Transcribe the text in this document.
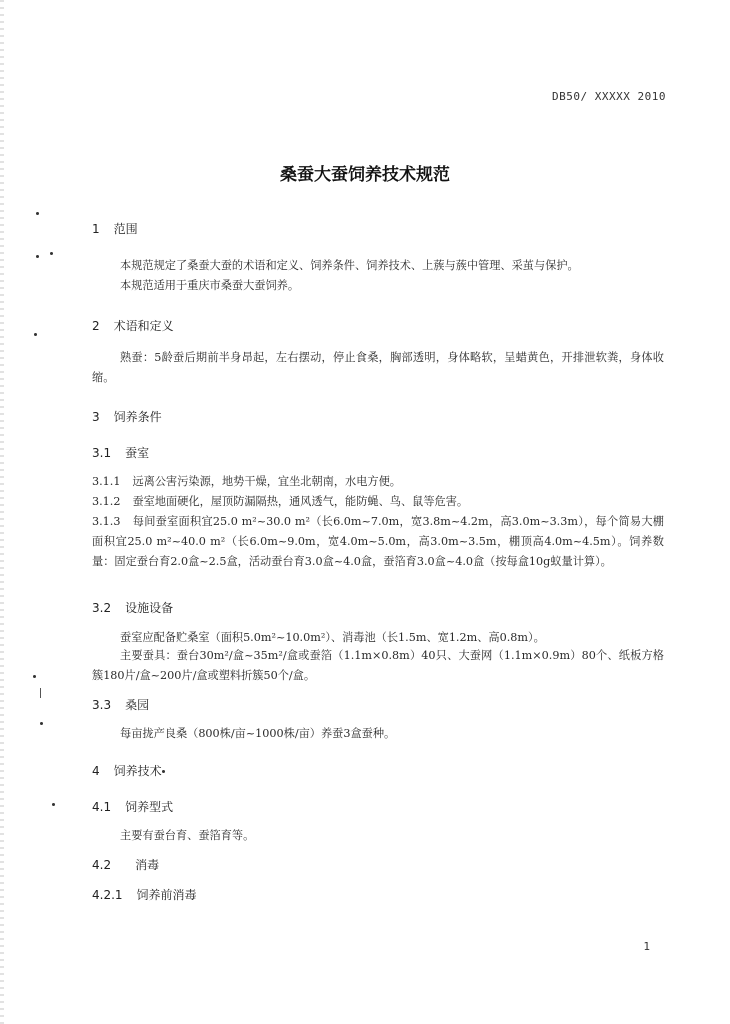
DB50/ XXXXX 2010
桑蚕大蚕饲养技术规范
1 范围
本规范规定了桑蚕大蚕的术语和定义、饲养条件、饲养技术、上蔟与蔟中管理、采茧与保护。
本规范适用于重庆市桑蚕大蚕饲养。
2 术语和定义
熟蚕：5龄蚕后期前半身昂起，左右摆动，停止食桑，胸部透明，身体略软，呈蜡黄色，开排泄软粪，身体收缩。
3 饲养条件
3.1 蚕室
3.1.1 远离公害污染源，地势干燥，宜坐北朝南，水电方便。
3.1.2 蚕室地面硬化，屋顶防漏隔热，通风透气，能防蝇、鸟、鼠等危害。
3.1.3 每间蚕室面积宜25.0 m²~30.0 m²（长6.0m~7.0m，宽3.8m~4.2m，高3.0m~3.3m），每个简易大棚面积宜25.0 m²~40.0 m²（长6.0m~9.0m，宽4.0m~5.0m，高3.0m~3.5m，棚顶高4.0m~4.5m）。饲养数量：固定蚕台育2.0盒~2.5盒，活动蚕台育3.0盒~4.0盒，蚕箔育3.0盒~4.0盒（按每盒10g蚁量计算）。
3.2 设施设备
蚕室应配备贮桑室（面积5.0m²~10.0m²）、消毒池（长1.5m、宽1.2m、高0.8m）。
主要蚕具：蚕台30m²/盒~35m²/盒或蚕箔（1.1m×0.8m）40只、大蚕网（1.1m×0.9m）80个、纸板方格簇180片/盒~200片/盒或塑料折簇50个/盒。
3.3 桑园
每亩拢产良桑（800株/亩~1000株/亩）养蚕3盒蚕种。
4 饲养技术
4.1 饲养型式
主要有蚕台育、蚕箔育等。
4.2 消毒
4.2.1 饲养前消毒
1
